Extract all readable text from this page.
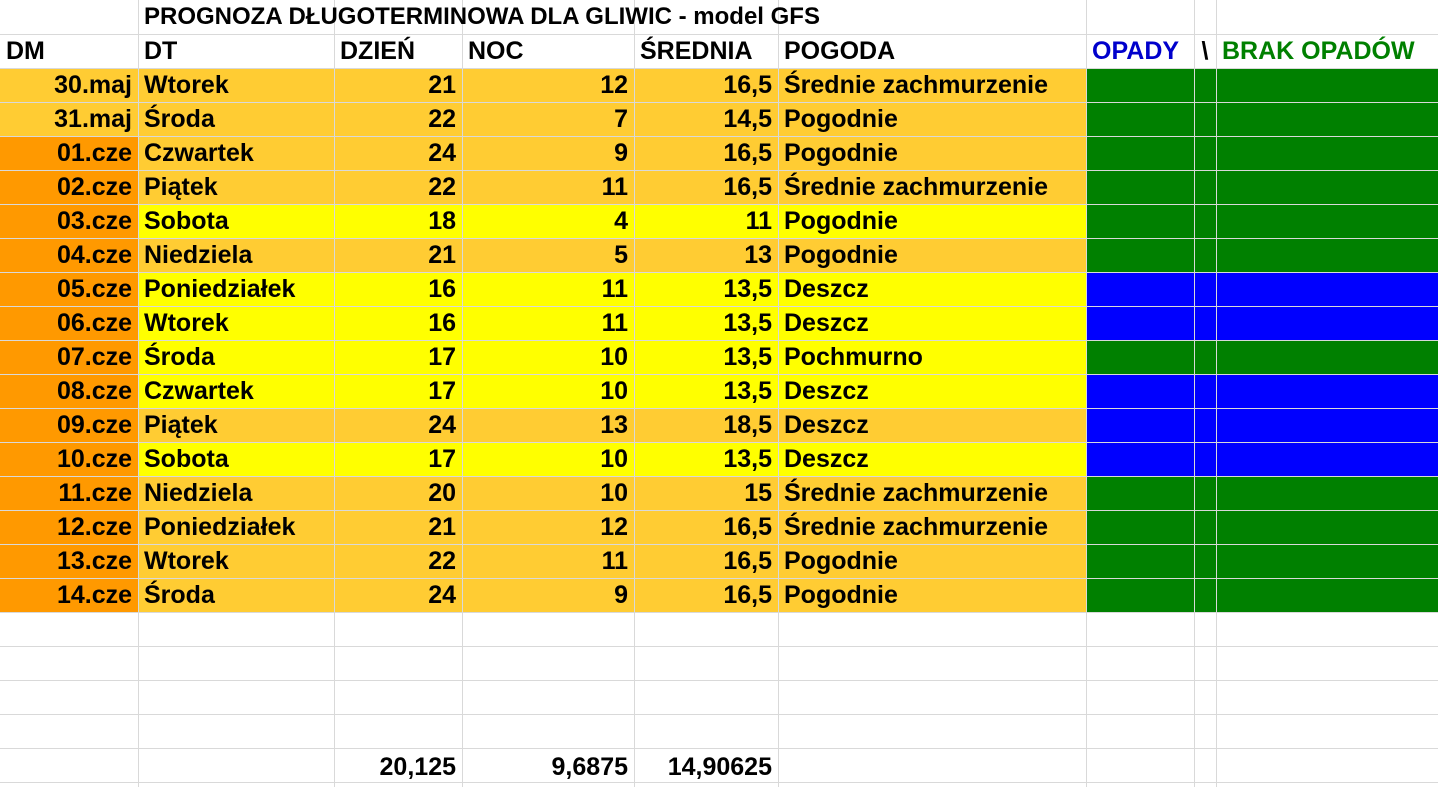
PROGNOZA DŁUGOTERMINOWA DLA GLIWIC - model GFS
DM	DT	DZIEŃ	NOC	ŚREDNIA	POGODA	OPADY \ BRAK OPADÓW
30.maj Wtorek	21	12	16,5 Średnie zachmurzenie
31.maj Środa	22	7	14,5 Pogodnie
01.cze Czwartek	24	9	16,5 Pogodnie
02.cze Piątek	22	11	16,5 Średnie zachmurzenie
03.cze Sobota	18	4	11 Pogodnie
04.cze Niedziela	21	5	13 Pogodnie
05.cze Poniedziałek	16	11	13,5 Deszcz
06.cze Wtorek	16	11	13,5 Deszcz
07.cze Środa	17	10	13,5 Pochmurno
08.cze Czwartek	17	10	13,5 Deszcz
09.cze Piątek	24	13	18,5 Deszcz
10.cze Sobota	17	10	13,5 Deszcz
11.cze Niedziela	20	10	15 Średnie zachmurzenie
12.cze Poniedziałek	21	12	16,5 Średnie zachmurzenie
13.cze Wtorek	22	11	16,5 Pogodnie
14.cze Środa	24	9	16,5 Pogodnie
20,125	9,6875	14,90625
